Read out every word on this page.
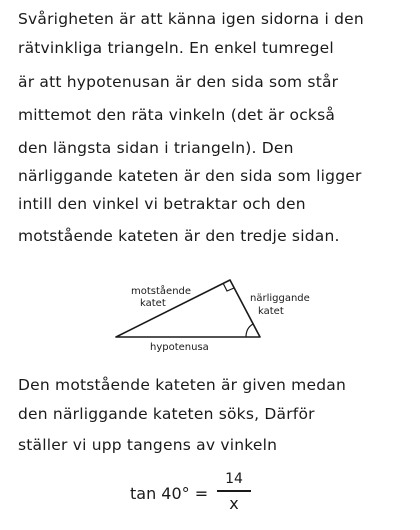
Svårigheten är att känna igen sidorna i den
rätvinkliga triangeln. En enkel tumregel
är att hypotenusan är den sida som står
mittemot den räta vinkeln (det är också
den längsta sidan i triangeln). Den
närliggande kateten är den sida som ligger
intill den vinkel vi betraktar och den
motstående kateten är den tredje sidan.
motstående
katet	närliggande
katet
hypotenusa
Den motstående kateten är given medan
den närliggande kateten söks, Därför
ställer vi upp tangens av vinkeln
tan 40° =
14
x
